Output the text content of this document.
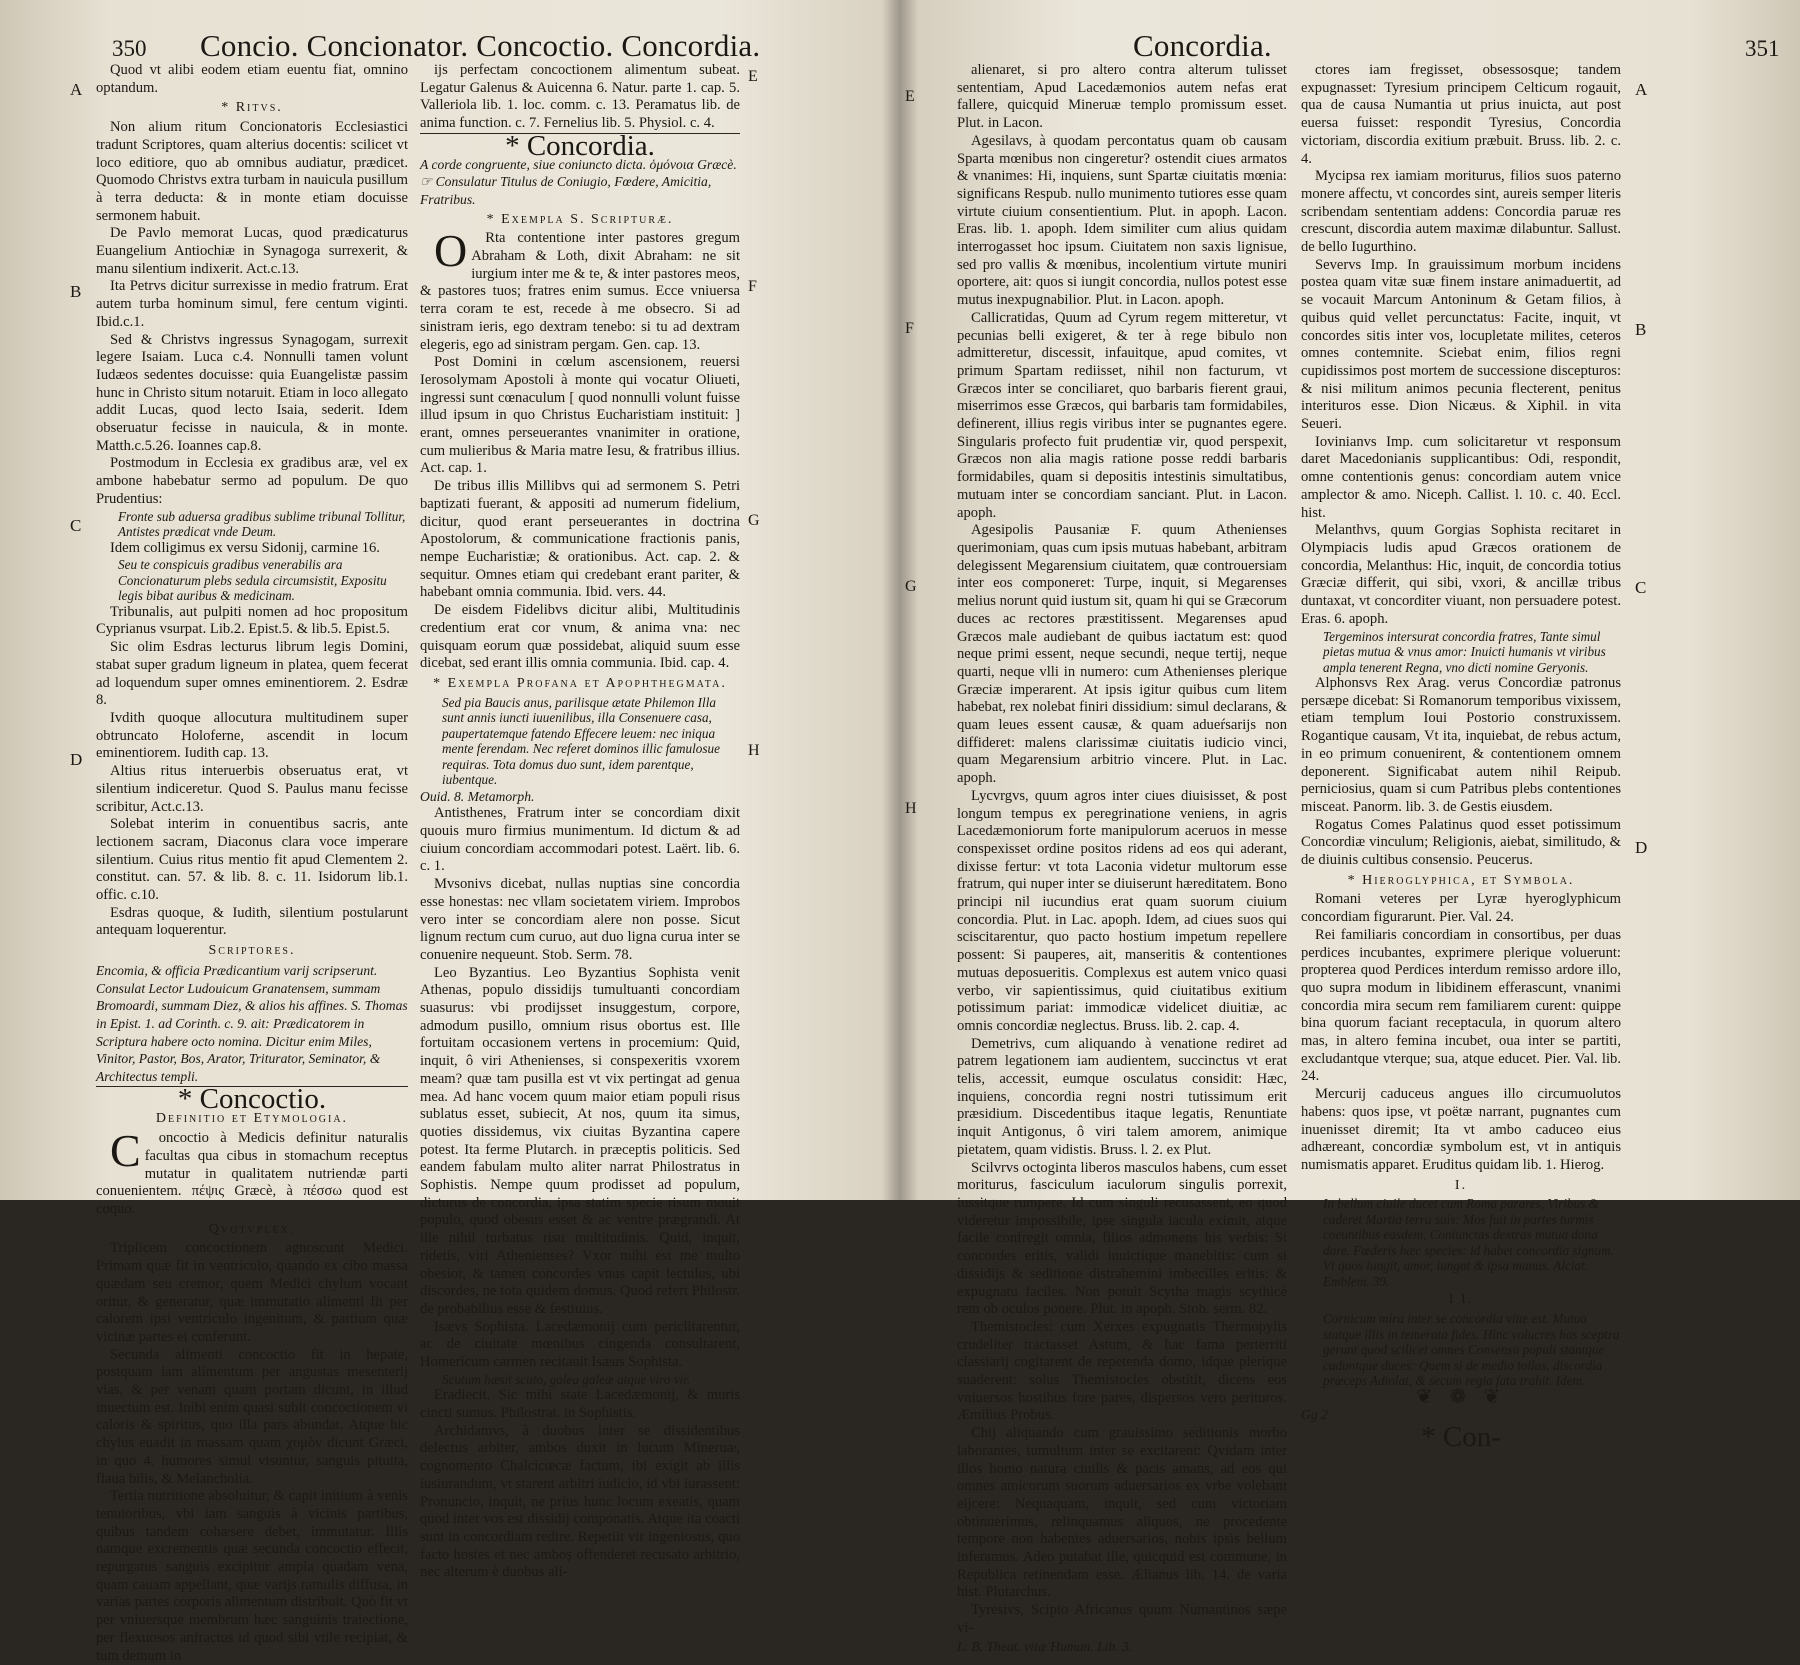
350 Concio. Concionator. Concoctio. Concordia.
A
B
C
D

Quod vt alibi eodem etiam euentu fiat, omnino optandum.

* Ritvs.

Non alium ritum Concionatoris Ecclesiastici tradunt Scriptores, quam alterius docentis: scilicet vt loco editiore, quo ab omnibus audiatur, prædicet. Quomodo Christvs extra turbam in nauicula pusillum à terra deducta: & in monte etiam docuisse sermonem habuit.

De Pavlo memorat Lucas, quod prædicaturus Euangelium Antiochiæ in Synagoga surrexerit, & manu silentium indixerit. Act.c.13.

Ita Petrvs dicitur surrexisse in medio fratrum. Erat autem turba hominum simul, fere centum viginti. Ibid.c.1.

Sed & Christvs ingressus Synagogam, surrexit legere Isaiam. Luca c.4. Nonnulli tamen volunt Iudæos sedentes docuisse: quia Euangelistæ passim hunc in Christo situm notaruit. Etiam in loco allegato addit Lucas, quod lecto Isaia, sederit. Idem obseruatur fecisse in nauicula, & in monte. Matth.c.5.26. Ioannes cap.8.

Postmodum in Ecclesia ex gradibus aræ, vel ex ambone habebatur sermo ad populum. De quo Prudentius:

Fronte sub aduersa gradibus sublime tribunal Tollitur, Antistes prædicat vnde Deum.

Idem colligimus ex versu Sidonij, carmine 16.

Seu te conspicuis gradibus venerabilis ara Concionaturum plebs sedula circumsistit, Expositu legis bibat auribus & medicinam.

Tribunalis, aut pulpiti nomen ad hoc propositum Cyprianus vsurpat. Lib.2. Epist.5. & lib.5. Epist.5.

Sic olim Esdras lecturus librum legis Domini, stabat super gradum ligneum in platea, quem fecerat ad loquendum super omnes eminentiorem. 2. Esdræ 8.

Ivdith quoque allocutura multitudinem super obtruncato Holoferne, ascendit in locum eminentiorem. Iudith cap. 13.

Altius ritus interuerbis obseruatus erat, vt silentium indiceretur. Quod S. Paulus manu fecisse scribitur, Act.c.13.

Solebat interim in conuentibus sacris, ante lectionem sacram, Diaconus clara voce imperare silentium. Cuius ritus mentio fit apud Clementem 2. constitut. can. 57. & lib. 8. c. 11. Isidorum lib.1. offic. c.10.

Esdras quoque, & Iudith, silentium postularunt antequam loquerentur.

Scriptores.

Encomia, & officia Prædicantium varij scripserunt. Consulat Lector Ludouicum Granatensem, summam Bromoardi, summam Diez, & alios his affines. S. Thomas in Epist. 1. ad Corinth. c. 9. ait: Prædicatorem in Scriptura habere octo nomina. Dicitur enim Miles, Vinitor, Pastor, Bos, Arator, Triturator, Seminator, & Architectus templi.

* Concoctio.

Definitio et Etymologia.

Concoctio à Medicis definitur naturalis facultas qua cibus in stomachum receptus mutatur in qualitatem nutriendæ parti conuenientem. πέψις Græcè, à πέσσω quod est coquo.

Qvotvplex.

Triplicem concoctionem agnoscunt Medici. Primam quæ fit in ventriculo, quando ex cibo massa quædam seu cremor, quem Medici chylum vocant oritur, & generatur, quæ immutatio alimenti fit per calorem ipsi ventriculo ingenitum, & partium quæ vicinæ partes ei conferunt.

Secunda alimenti concoctio fit in hepate, postquam iam alimentum per angustas mesenterij vias, & per venam quam portam dicunt, in illud inuectum est. Inibi enim quasi subit concoctionem vi caloris & spiritus, quo illa pars abundat. Atque hic chylus euadit in massam quam χυμὸν dicunt Græci, in quo 4. humores simul visuntur, sanguis pituita, flaua bilis, & Melancholia.

Tertia nutritione absoluitur, & capit initium à venis tenuioribus, vbi iam sanguis à vicinis partibus, quibus tandem cohæsere debet, immutatur. Illis namque excrementis quæ secunda concoctio effecit, repurgatus sanguis excipitur ampla quadam vena, quam cauam appellant, quæ varijs ramulis diffusa, in varias partes corporis alimentum distribuit. Quò fit vt per vniuersque membrum hæc sanguinis traiectione, per flexuosos anfractus id quod sibi vtile recipiat, & tum demum in

ijs perfectam concoctionem alimentum subeat. Legatur Galenus & Auicenna 6. Natur. parte 1. cap. 5. Valleriola lib. 1. loc. comm. c. 13. Peramatus lib. de anima function. c. 7. Fernelius lib. 5. Physiol. c. 4.

* Concordia.

A corde congruente, siue coniuncto dicta. ὁμόνοια Græcè.

☞ Consulatur Titulus de Coniugio, Fœdere, Amicitia, Fratribus.

* Exempla S. Scripturæ.

ORta contentione inter pastores gregum Abraham & Loth, dixit Abraham: ne sit iurgium inter me & te, & inter pastores meos, & pastores tuos; fratres enim sumus. Ecce vniuersa terra coram te est, recede à me obsecro. Si ad sinistram ieris, ego dextram tenebo: si tu ad dextram elegeris, ego ad sinistram pergam. Gen. cap. 13.

Post Domini in cœlum ascensionem, reuersi Ierosolymam Apostoli à monte qui vocatur Oliueti, ingressi sunt cœnaculum [ quod nonnulli volunt fuisse illud ipsum in quo Christus Eucharistiam instituit: ] erant, omnes perseuerantes vnanimiter in oratione, cum mulieribus & Maria matre Iesu, & fratribus illius. Act. cap. 1.

De tribus illis Millibvs qui ad sermonem S. Petri baptizati fuerant, & appositi ad numerum fidelium, dicitur, quod erant perseuerantes in doctrina Apostolorum, & communicatione fractionis panis, nempe Eucharistiæ; & orationibus. Act. cap. 2. & sequitur. Omnes etiam qui credebant erant pariter, & habebant omnia communia. Ibid. vers. 44.

De eisdem Fidelibvs dicitur alibi, Multitudinis credentium erat cor vnum, & anima vna: nec quisquam eorum quæ possidebat, aliquid suum esse dicebat, sed erant illis omnia communia. Ibid. cap. 4.

* Exempla Profana et Apophthegmata.

Sed pia Baucis anus, parilisque ætate Philemon Illa sunt annis iuncti iuuenilibus, illa Consenuere casa, paupertatemque fatendo Effecere leuem: nec iniqua mente ferendam. Nec referet dominos illic famulosue requiras. Tota domus duo sunt, idem parentque, iubentque.

Ouid. 8. Metamorph.

Antisthenes, Fratrum inter se concordiam dixit quouis muro firmius munimentum. Id dictum & ad ciuium concordiam accommodari potest. Laërt. lib. 6. c. 1.

Mvsonivs dicebat, nullas nuptias sine concordia esse honestas: nec vllam societatem viriem. Improbos vero inter se concordiam alere non posse. Sicut lignum rectum cum curuo, aut duo ligna curua inter se conuenire nequeunt. Stob. Serm. 78.

Leo Byzantius. Leo Byzantius Sophista venit Athenas, populo dissidijs tumultuanti concordiam suasurus: vbi prodijsset insuggestum, corpore, admodum pusillo, omnium risus obortus est. Ille fortuitam occasionem vertens in procemium: Quid, inquit, ô viri Athenienses, si conspexeritis vxorem meam? quæ tam pusilla est vt vix pertingat ad genua mea. Ad hanc vocem quum maior etiam populi risus sublatus esset, subiecit, At nos, quum ita simus, quoties dissidemus, vix ciuitas Byzantina capere potest. Ita ferme Plutarch. in præceptis politicis. Sed eandem fabulam multo aliter narrat Philostratus in Sophistis. Nempe quum prodisset ad populum, dicturus de concordia, ipsa statim specie risum mouit populo, quod obesus esset & ac ventre prægrandi. At ille nihil turbatus risu multitudinis. Quid, inquit, ridetis, viri Athenienses? Vxor mihi est me multo obesior, & tamen concordes vnus capit lectulus, ubi discordes, ne tota quidem domus. Quod refert Philostr. de probabilius esse & festiuius.

Isævs Sophista. Lacedæmonij cum periclitarentur, ac de ciuitate mœnibus cingenda consultarent, Homericum carmen recitauit Isæus Sophista.

Scutum hæsit scuto, galea galeæ atque viro vir.

Eradiecit, Sic mihi state Lacedæmonij, & muris cincti sumus. Philostrat. in Sophistis.

Archidamvs, à duobus inter se dissidentibus delectus arbiter, ambos duxit in lucum Mineruæ, cognomento Chalcicœcæ factum, ibi exigit ab illis iusiurandum, vt starent arbitri iudicio, id vbi iurassent: Pronuncio, inquit, ne prius hunc locum exeatis, quam quod inter vos est dissidij componatis. Atque ita coacti sunt in concordiam redire. Repetiit vir ingeniosus, quo facto hostes et nec amboș offenderet recusato arbitrio, nec alterum è duobus ali-

E
F
G
H
Concordia.	351
E
F
G
H

alienaret, si pro altero contra alterum tulisset sententiam, Apud Lacedæmonios autem nefas erat fallere, quicquid Mineruæ templo promissum esset. Plut. in Lacon.

Agesilavs, à quodam percontatus quam ob causam Sparta mœnibus non cingeretur? ostendit ciues armatos & vnanimes: Hi, inquiens, sunt Spartæ ciuitatis mœnia: significans Respub. nullo munimento tutiores esse quam virtute ciuium consentientium. Plut. in apoph. Lacon. Eras. lib. 1. apoph. Idem similiter cum alius quidam interrogasset hoc ipsum. Ciuitatem non saxis lignisue, sed pro vallis & mœnibus, incolentium virtute muniri oportere, ait: quos si iungit concordia, nullos potest esse mutus inexpugnabilior. Plut. in Lacon. apoph.

Callicratidas, Quum ad Cyrum regem mitteretur, vt pecunias belli exigeret, & ter à rege bibulo non admitteretur, discessit, infauitque, apud comites, vt primum Spartam rediisset, nihil non facturum, vt Græcos inter se conciliaret, quo barbaris fierent graui, miserrimos esse Græcos, qui barbaris tam formidabiles, definerent, illius regis viribus inter se pugnantes egere. Singularis profecto fuit prudentiæ vir, quod perspexit, Græcos non alia magis ratione posse reddi barbaris formidabiles, quam si depositis intestinis simultatibus, mutuam inter se concordiam sanciant. Plut. in Lacon. apoph.

Agesipolis Pausaniæ F. quum Athenienses querimoniam, quas cum ipsis mutuas habebant, arbitram delegissent Megarensium ciuitatem, quæ controuersiam inter eos componeret: Turpe, inquit, si Megarenses melius norunt quid iustum sit, quam hi qui se Græcorum duces ac rectores præstitissent. Megarenses apud Græcos male audiebant de quibus iactatum est: quod neque primi essent, neque secundi, neque tertij, neque quarti, neque vlli in numero: cum Athenienses plerique Græciæ imperarent. At ipsis igitur quibus cum litem habebat, rex nolebat finiri dissidium: simul declarans, & quam leues essent causæ, & quam adueŕsarijs non diffideret: malens clarissimæ ciuitatis iudicio vinci, quam Megarensium arbitrio vincere. Plut. in Lac. apoph.

Lycvrgvs, quum agros inter ciues diuisisset, & post longum tempus ex peregrinatione veniens, in agris Lacedæmoniorum forte manipulorum aceruos in messe conspexisset ordine positos ridens ad eos qui aderant, dixisse fertur: vt tota Laconia videtur multorum esse fratrum, qui nuper inter se diuiserunt hæreditatem. Bono principi nil iucundius erat quam suorum ciuium concordia. Plut. in Lac. apoph. Idem, ad ciues suos qui sciscitarentur, quo pacto hostium impetum repellere possent: Si pauperes, ait, manseritis & contentiones mutuas deposueritis. Complexus est autem vnico quasi verbo, vir sapientissimus, quid ciuitatibus exitium potissimum pariat: immodicæ videlicet diuitiæ, ac omnis concordiæ neglectus. Bruss. lib. 2. cap. 4.

Demetrivs, cum aliquando à venatione rediret ad patrem legationem iam audientem, succinctus vt erat telis, accessit, eumque osculatus considit: Hæc, inquiens, concordia regni nostri tutissimum erit præsidium. Discedentibus itaque legatis, Renuntiate inquit Antigonus, ô viri talem amorem, animique pietatem, quam vidistis. Bruss. l. 2. ex Plut.

Scilvrvs octoginta liberos masculos habens, cum esset moriturus, fasciculum iaculorum singulis porrexit, iussitque rumpere. Id cum singuli recusassent, eo quod videretur impossibile, ipse singula iacula eximit, atque facile confregit omnia, filios admonens his verbis: Si concordes eritis, validi inuictique manebitis: cum si dissidijs & seditione distrahemini imbecilles eritis: & expugnatu faciles. Non potuit Scytha magis scythicè rem ob oculos ponere. Plut. in apoph. Stob. serm. 82.

Themistocles: cum Xerxes expugnatis Thermopylis crudeliter tractasset Astum, & hac fama perterriti classiarij cogitarent de repetenda domo, idque plerique suaderent: solus Themistocles obstitit, dicens eos vniuersos hostibus fore pares, dispersos vero perituros. Æmilius Probus.

Chij aliquando cum grauissimo seditionis morbo laborantes, tumultum inter se excitarent: Qvidam inter illos homo natura ciuilis & pacis amans, ad eos qui omnes amicorum suorum aduersarios ex vrbe volebant eijcere: Nequaquam, inquit, sed cum victoriam obtinuerimus, relinquamus aliquos, ne procedente tempore non habentes aduersarios, nobis ipsis bellum inferamus. Adeo putabat ille, quicquid est commune, in Republica retinendam esse. Ælianus lib. 14. de varia hist. Plutarchus.

Tyresivs, Scipio Africanus quum Numantinos sæpe vi-

L. B. Theat. vitæ Human. Lib. 3.

ctores iam fregisset, obsessosque; tandem expugnasset: Tyresium principem Celticum rogauit, qua de causa Numantia ut prius inuicta, aut post euersa fuisset: respondit Tyresius, Concordia victoriam, discordia exitium præbuit. Bruss. lib. 2. c. 4.

Mycipsa rex iamiam moriturus, filios suos paterno monere affectu, vt concordes sint, aureis semper literis scribendam sententiam addens: Concordia paruæ res crescunt, discordia autem maximæ dilabuntur. Sallust. de bello Iugurthino.

Severvs Imp. In grauissimum morbum incidens postea quam vitæ suæ finem instare animaduertit, ad se vocauit Marcum Antoninum & Getam filios, à quibus quid vellet percunctatus: Facite, inquit, vt concordes sitis inter vos, locupletate milites, ceteros omnes contemnite. Sciebat enim, filios regni cupidissimos post mortem de successione discepturos: & nisi militum animos pecunia flecterent, penitus interituros esse. Dion Nicæus. & Xiphil. in vita Seueri.

Iovinianvs Imp. cum solicitaretur vt responsum daret Macedonianis supplicantibus: Odi, respondit, omne contentionis genus: concordiam autem vnice amplector & amo. Niceph. Callist. l. 10. c. 40. Eccl. hist.

Melanthvs, quum Gorgias Sophista recitaret in Olympiacis ludis apud Græcos orationem de concordia, Melanthus: Hic, inquit, de concordia totius Græciæ differit, qui sibi, vxori, & ancillæ tribus duntaxat, vt concorditer viuant, non persuadere potest. Eras. 6. apoph.

Tergeminos intersurat concordia fratres, Tante simul pietas mutua & vnus amor: Inuicti humanis vt viribus ampla tenerent Regna, vno dicti nomine Geryonis.

Alphonsvs Rex Arag. verus Concordiæ patronus persæpe dicebat: Si Romanorum temporibus vixissem, etiam templum Ioui Postorio construxissem. Rogantique causam, Vt ita, inquiebat, de rebus actum, in eo primum conuenirent, & contentionem omnem deponerent. Significabat autem nihil Reipub. perniciosius, quam si cum Patribus plebs contentiones misceat. Panorm. lib. 3. de Gestis eiusdem.

Rogatus Comes Palatinus quod esset potissimum Concordiæ vinculum; Religionis, aiebat, similitudo, & de diuinis cultibus consensio. Peucerus.

* Hieroglyphica, et Symbola.

Romani veteres per Lyræ hyeroglyphicum concordiam figurarunt. Pier. Val. 24.

Rei familiaris concordiam in consortibus, per duas perdices incubantes, exprimere plerique voluerunt: propterea quod Perdices interdum remisso ardore illo, quo supra modum in libidinem efferascunt, vnanimi concordia mira secum rem familiarem curent: quippe bina quorum faciant receptacula, in quorum altero mas, in altero femina incubet, oua inter se partiti, excludantque vterque; sua, atque educet. Pier. Val. lib. 24.

Mercurij caduceus angues illo circumuolutos habens: quos ipse, vt poëtæ narrant, pugnantes cum inuenisset diremit; Ita vt ambo caduceo eius adhæreant, concordiæ symbolum est, vt in antiquis numismatis apparet. Eruditus quidam lib. 1. Hierog.

I.

In bellum ciuile ducet cum Roma parares, Viribus & caderet Martia terra suis: Mos fuit in partes turmis coeuntibus easdem, Coniunctas dextras mutua dona dare. Fœderis hæc species: id habet concordia signum. Vt quos iungit, amor, iungat & ipsa manus. Alciat. Emblem. 39.

I I.

Cornicum mira inter se concordia vitæ est. Mutua statque illis in temerata fides. Hinc volucres has sceptra gerunt quod scilicet omnes Consensu populi stantque caduntque duces: Quem si de medio tollas, discordia præceps Adiolat, & secum regia fata trahit. Idem.

❦ ❁ ❦

Gg 2

* Con-

A
B
C
D
